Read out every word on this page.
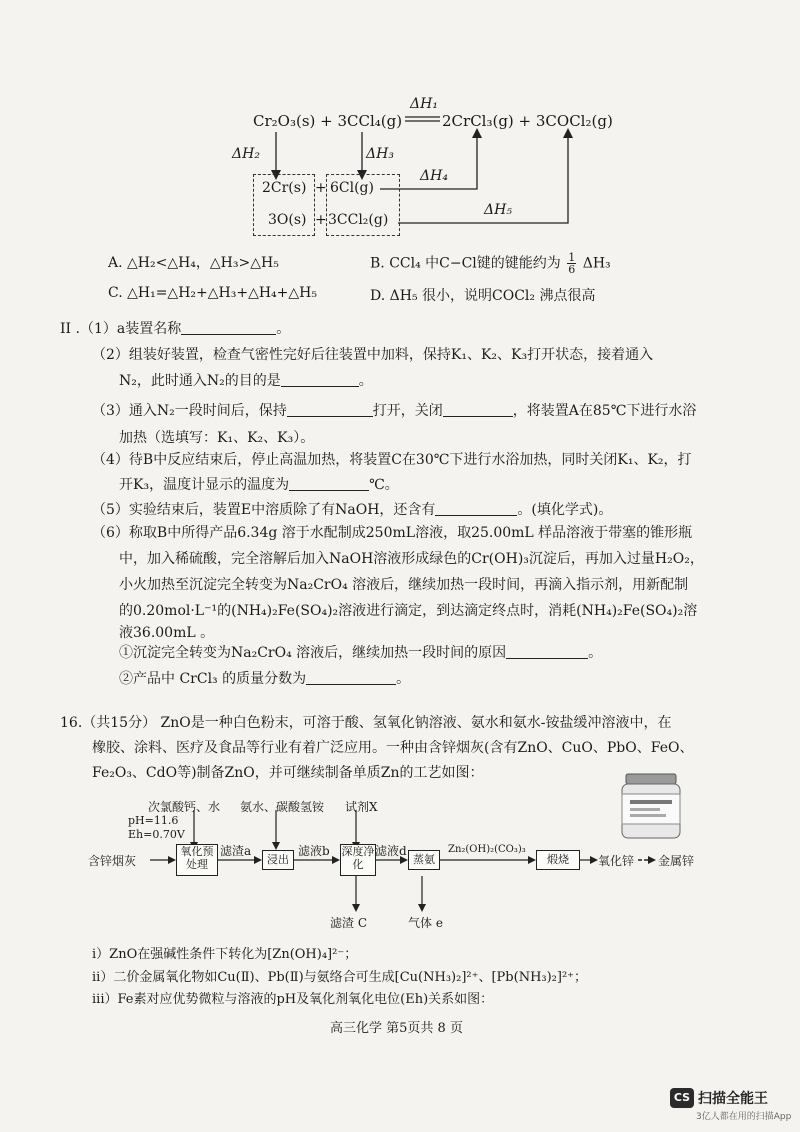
Cr₂O₃(s) + 3CCl₄(g)
ΔH₁
2CrCl₃(g) + 3COCl₂(g)
ΔH₂	ΔH₃
ΔH₄
ΔH₅
2Cr(s)
3O(s)
+
+
6Cl(g)
3CCl₂(g)
A. △H₂<△H₄，△H₃>△H₅	B. CCl₄ 中C−Cl键的键能约为 $\frac{1}{6} \Delta H_3$
C. △H₁=△H₂+△H₃+△H₄+△H₅	D. ΔH₅ 很小，说明COCl₂ 沸点很高
II .（1）a装置名称	。
（2）组装好装置，检查气密性完好后往装置中加料，保持K₁、K₂、K₃打开状态，接着通入
N₂，此时通入N₂的目的是	。
（3）通入N₂一段时间后，保持	打开，关闭	，将装置A在85℃下进行水浴
加热（选填写：K₁、K₂、K₃）。
（4）待B中反应结束后，停止高温加热，将装置C在30℃下进行水浴加热，同时关闭K₁、K₂，打
开K₃，温度计显示的温度为	℃。
（5）实验结束后，装置E中溶质除了有NaOH，还含有	。(填化学式)。
（6）称取B中所得产品6.34g 溶于水配制成250mL溶液，取25.00mL 样品溶液于带塞的锥形瓶
中，加入稀硫酸，完全溶解后加入NaOH溶液形成绿色的Cr(OH)₃沉淀后，再加入过量H₂O₂，
小火加热至沉淀完全转变为Na₂CrO₄ 溶液后，继续加热一段时间，再滴入指示剂，用新配制
的0.20mol·L⁻¹的(NH₄)₂Fe(SO₄)₂溶液进行滴定，到达滴定终点时，消耗(NH₄)₂Fe(SO₄)₂溶
液36.00mL 。
①沉淀完全转变为Na₂CrO₄ 溶液后，继续加热一段时间的原因	。
②产品中 CrCl₃ 的质量分数为	。
16.（共15分） ZnO是一种白色粉末，可溶于酸、氢氧化钠溶液、氨水和氨水-铵盐缓冲溶液中，在
橡胶、涂料、医疗及食品等行业有着广泛应用。一种由含锌烟灰(含有ZnO、CuO、PbO、FeO、
Fe₂O₃、CdO等)制备ZnO，并可继续制备单质Zn的工艺如图：
次氯酸钙、水
pH=11.6
Eh=0.70V
氨水、碳酸氢铵 试剂X
含锌烟灰
氧化预处理
滤渣a
浸出
滤液b 深度净化
滤液d
蒸氨
Zn₂(OH)₂(CO₃)₃
煅烧	氧化锌 金属锌
滤渣 C	气体 e
i）ZnO在强碱性条件下转化为[Zn(OH)₄]²⁻；
ii）二价金属氧化物如Cu(Ⅱ)、Pb(Ⅱ)与氨络合可生成[Cu(NH₃)₂]²⁺、[Pb(NH₃)₂]²⁺；
iii）Fe素对应优势微粒与溶液的pH及氧化剂氧化电位(Eh)关系如图：
高三化学 第5页共 8 页
CS 扫描全能王
3亿人都在用的扫描App
